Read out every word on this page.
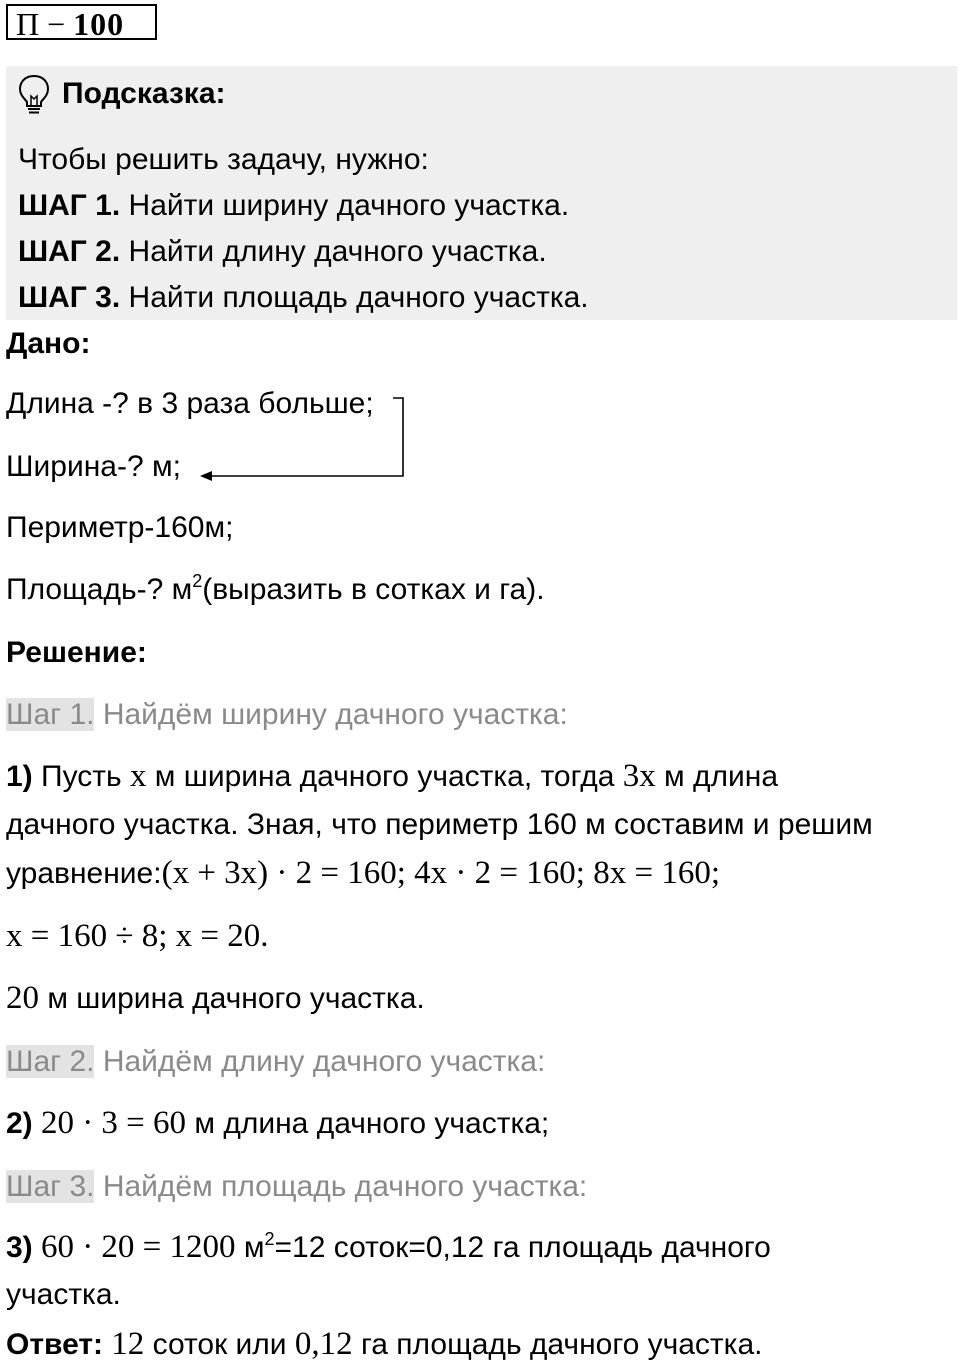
П − 100
Подсказка:
Чтобы решить задачу, нужно:
ШАГ 1. Найти ширину дачного участка.
ШАГ 2. Найти длину дачного участка.
ШАГ 3. Найти площадь дачного участка.
Дано:
Длина -? в 3 раза больше;
Ширина-? м;
Периметр-160м;
Площадь-? $м^2(выразить$ в сотках и га).
Решение:
Шаг 1. Найдём ширину дачного участка:
1) Пусть x м ширина дачного участка, тогда 3x м длина
дачного участка. Зная, что периметр 160 м составим и решим
уравнение:(x + 3x) · 2 = 160; 4x · 2 = 160; 8x = 160;
x = 160 ÷ 8; x = 20.
20 м ширина дачного участка.
Шаг 2. Найдём длину дачного участка:
2) 20 · 3 = 60 м длина дачного участка;
Шаг 3. Найдём площадь дачного участка:
3) 60 · 20 = 1200 $м^2=12$ соток=0,12 га площадь дачного
участка.
Ответ: 12 соток или 0,12 га площадь дачного участка.
